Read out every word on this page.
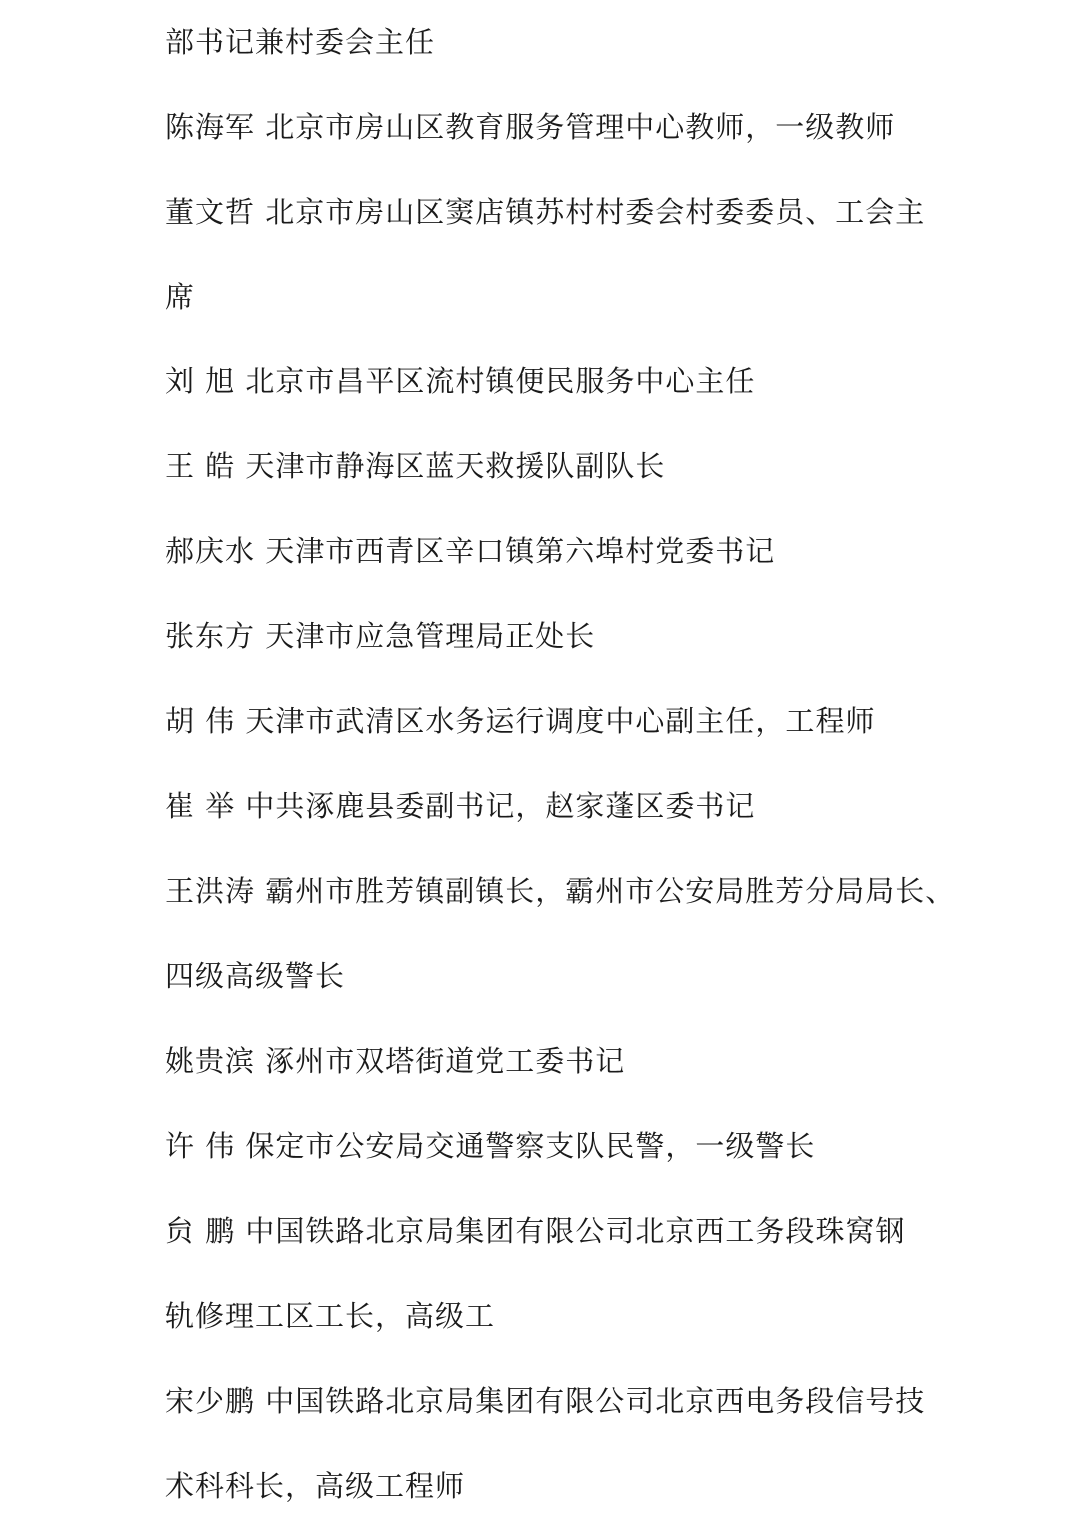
部书记兼村委会主任
陈海军 北京市房山区教育服务管理中心教师，一级教师
董文哲 北京市房山区窦店镇苏村村委会村委委员、工会主
席
刘 旭 北京市昌平区流村镇便民服务中心主任
王 皓 天津市静海区蓝天救援队副队长
郝庆水 天津市西青区辛口镇第六埠村党委书记
张东方 天津市应急管理局正处长
胡 伟 天津市武清区水务运行调度中心副主任，工程师
崔 举 中共涿鹿县委副书记，赵家蓬区委书记
王洪涛 霸州市胜芳镇副镇长，霸州市公安局胜芳分局局长、
四级高级警长
姚贵滨 涿州市双塔街道党工委书记
许 伟 保定市公安局交通警察支队民警，一级警长
贠 鹏 中国铁路北京局集团有限公司北京西工务段珠窝钢
轨修理工区工长，高级工
宋少鹏 中国铁路北京局集团有限公司北京西电务段信号技
术科科长，高级工程师
